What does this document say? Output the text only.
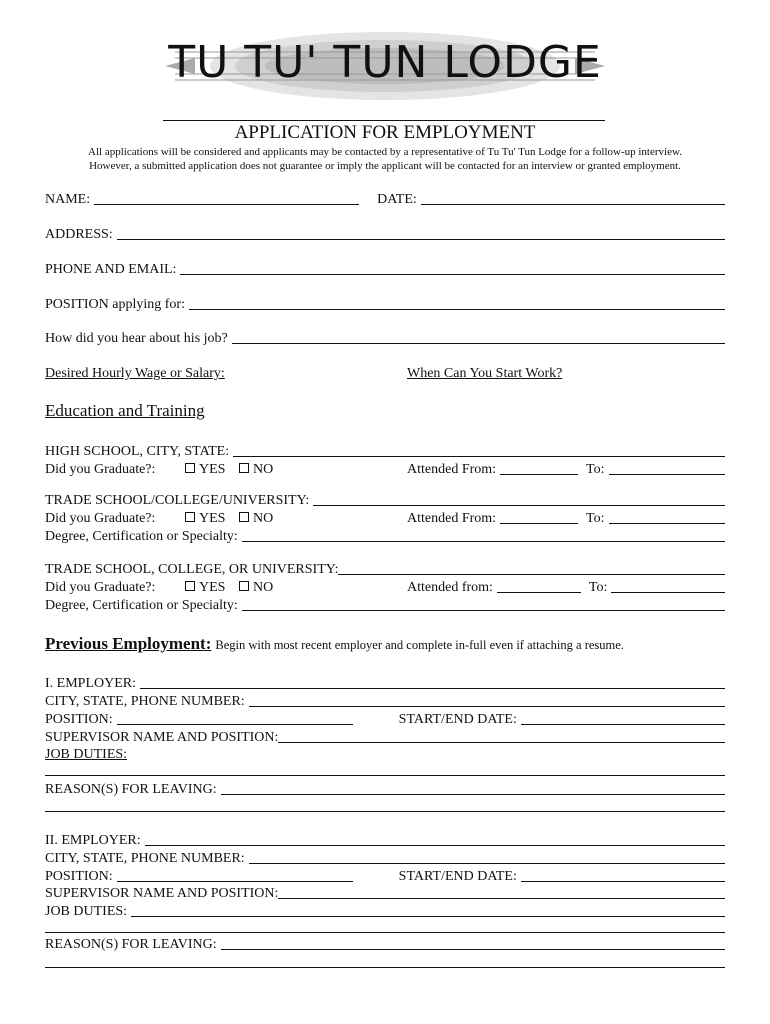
TU TU' TUN LODGE
APPLICATION FOR EMPLOYMENT
All applications will be considered and applicants may be contacted by a representative of Tu Tu' Tun Lodge for a follow-up interview.
However, a submitted application does not guarantee or imply the applicant will be contacted for an interview or granted employment.
NAME:	DATE:
ADDRESS:
PHONE AND EMAIL:
POSITION applying for:
How did you hear about his job?
Desired Hourly Wage or Salary:	When Can You Start Work?
Education and Training
HIGH SCHOOL, CITY, STATE:
Did you Graduate?:	YES	NO	Attended From:	To:
TRADE SCHOOL/COLLEGE/UNIVERSITY:
Did you Graduate?:	YES	NO	Attended From:	To:
Degree, Certification or Specialty:
TRADE SCHOOL, COLLEGE, OR UNIVERSITY:
Did you Graduate?:	YES	NO	Attended from:	To:
Degree, Certification or Specialty:
Previous Employment: Begin with most recent employer and complete in-full even if attaching a resume.
I. EMPLOYER:
CITY, STATE, PHONE NUMBER:
POSITION:	START/END DATE:
SUPERVISOR NAME AND POSITION:
JOB DUTIES:
REASON(S) FOR LEAVING:
II. EMPLOYER:
CITY, STATE, PHONE NUMBER:
POSITION:	START/END DATE:
SUPERVISOR NAME AND POSITION:
JOB DUTIES:
REASON(S) FOR LEAVING:
